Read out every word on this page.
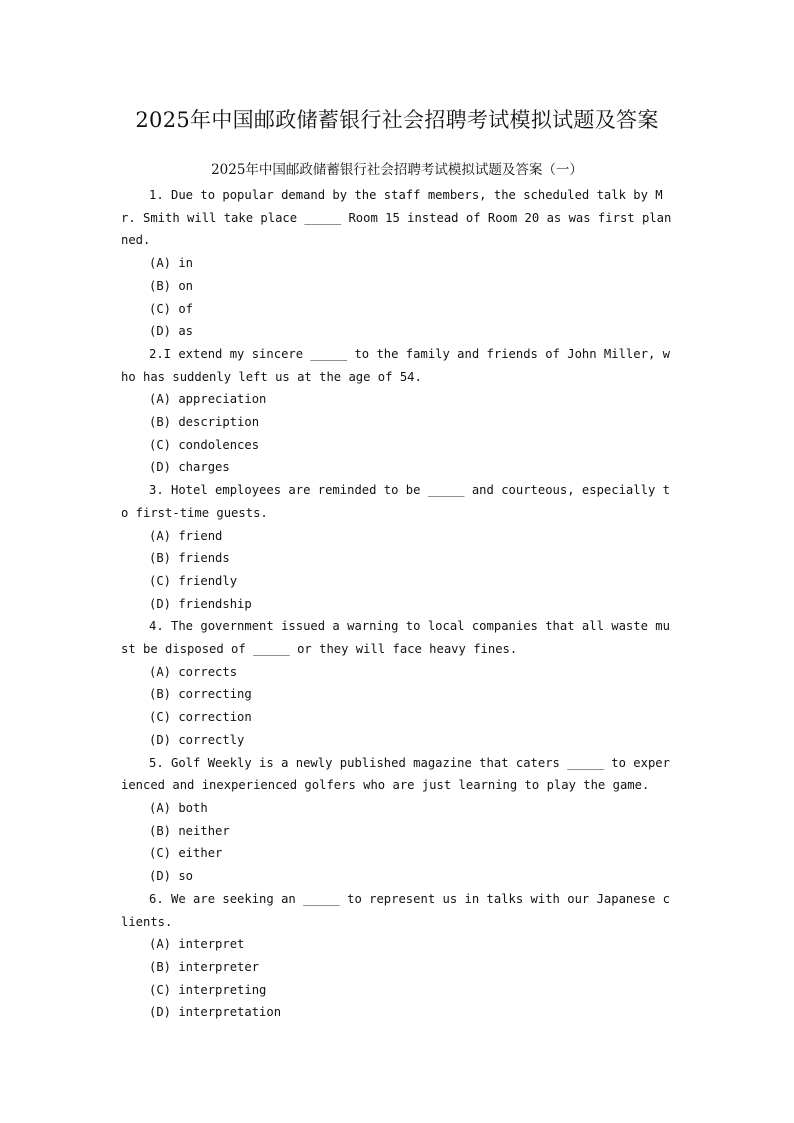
2025年中国邮政储蓄银行社会招聘考试模拟试题及答案
2025年中国邮政储蓄银行社会招聘考试模拟试题及答案（一）

1. Due to popular demand by the staff members, the scheduled talk by Mr. Smith will take place _____ Room 15 instead of Room 20 as was first planned.

(A) in

(B) on

(C) of

(D) as

2.I extend my sincere _____ to the family and friends of John Miller, who has suddenly left us at the age of 54.

(A) appreciation

(B) description

(C) condolences

(D) charges

3. Hotel employees are reminded to be _____ and courteous, especially to first-time guests.

(A) friend

(B) friends

(C) friendly

(D) friendship

4. The government issued a warning to local companies that all waste must be disposed of _____ or they will face heavy fines.

(A) corrects

(B) correcting

(C) correction

(D) correctly

5. Golf Weekly is a newly published magazine that caters _____ to experienced and inexperienced golfers who are just learning to play the game.

(A) both

(B) neither

(C) either

(D) so

6. We are seeking an _____ to represent us in talks with our Japanese clients.

(A) interpret

(B) interpreter

(C) interpreting

(D) interpretation
